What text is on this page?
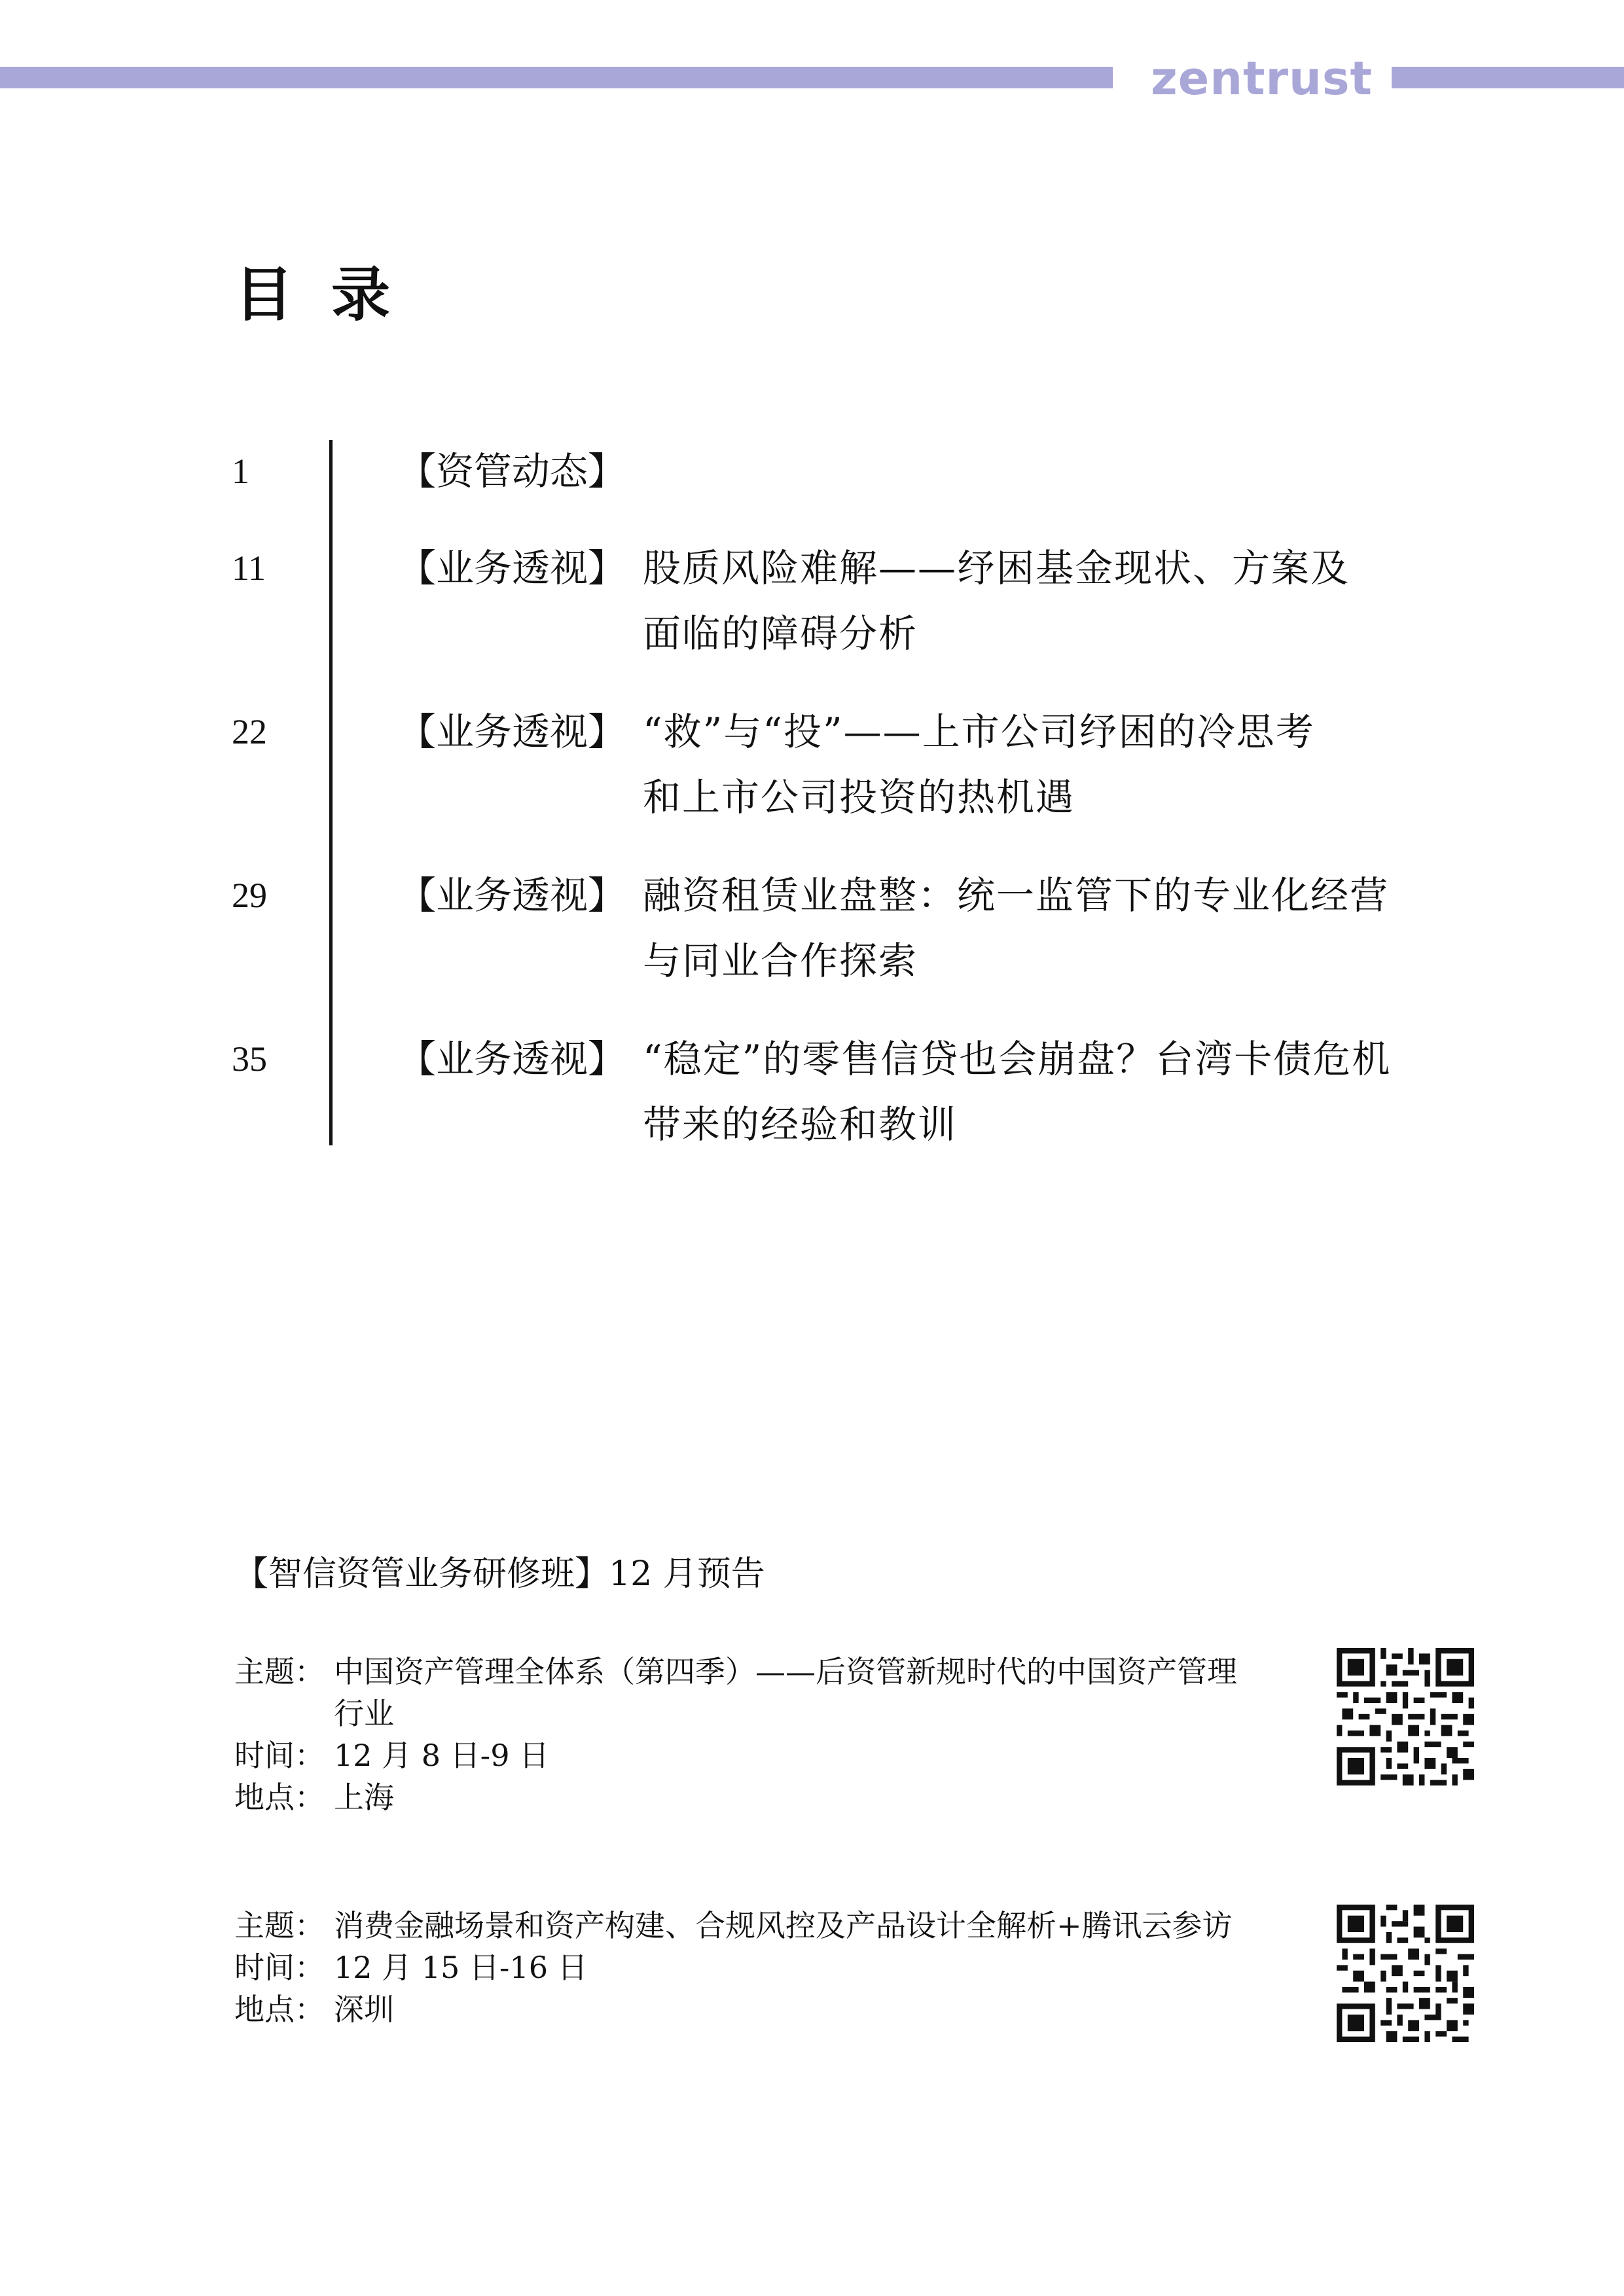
zentrust
目录
1	【资管动态】
11	【业务透视】 股质风险难解——纾困基金现状、方案及
面临的障碍分析
22	【业务透视】 “救”与“投”——上市公司纾困的冷思考
和上市公司投资的热机遇
29	【业务透视】 融资租赁业盘整：统一监管下的专业化经营
与同业合作探索
35	【业务透视】 “稳定”的零售信贷也会崩盘？台湾卡债危机
带来的经验和教训
【智信资管业务研修班】12 月预告
主题： 中国资产管理全体系（第四季）——后资管新规时代的中国资产管理
行业
时间： 12 月 8 日-9 日
地点： 上海
主题： 消费金融场景和资产构建、合规风控及产品设计全解析+腾讯云参访
时间： 12 月 15 日-16 日
地点： 深圳
